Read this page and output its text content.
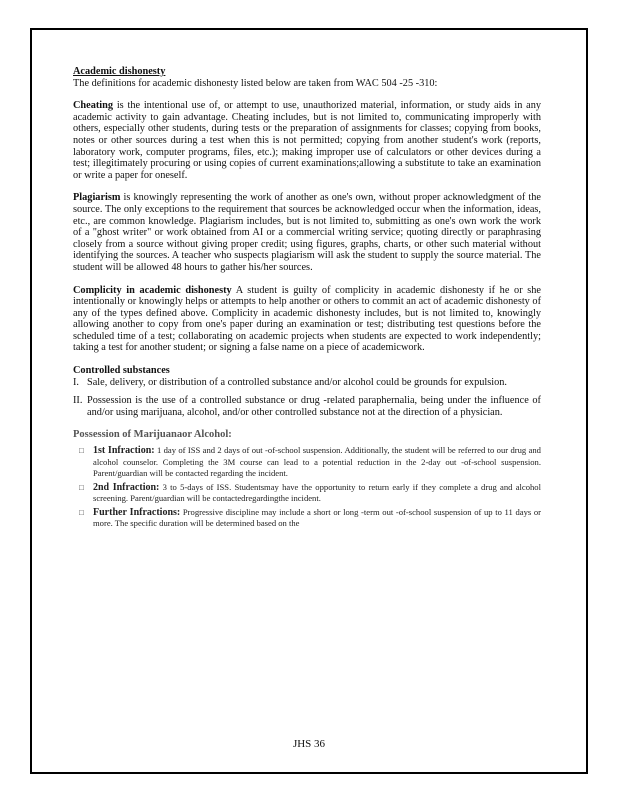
Academic dishonesty

The definitions for academic dishonesty listed below are taken from WAC 504 -25 -310:

Cheating is the intentional use of, or attempt to use, unauthorized material, information, or study aids in any academic activity to gain advantage. Cheating includes, but is not limited to, communicating improperly with others, especially other students, during tests or the preparation of assignments for classes; copying from books, notes or other sources during a test when this is not permitted; copying from another student's work (reports, laboratory work, computer programs, files, etc.); making improper use of calculators or other devices during a test; illegitimately procuring or using copies of current examinations;allowing a substitute to take an examination or write a paper for oneself.

Plagiarism is knowingly representing the work of another as one's own, without proper acknowledgment of the source. The only exceptions to the requirement that sources be acknowledged occur when the information, ideas, etc., are common knowledge. Plagiarism includes, but is not limited to, submitting as one's own work the work of a "ghost writer" or work obtained from AI or a commercial writing service; quoting directly or paraphrasing closely from a source without giving proper credit; using figures, graphs, charts, or other such material without identifying the sources. A teacher who suspects plagiarism will ask the student to supply the source material. The student will be allowed 48 hours to gather his/her sources.

Complicity in academic dishonesty A student is guilty of complicity in academic dishonesty if he or she intentionally or knowingly helps or attempts to help another or others to commit an act of academic dishonesty of any of the types defined above. Complicity in academic dishonesty includes, but is not limited to, knowingly allowing another to copy from one's paper during an examination or test; distributing test questions before the scheduled time of a test; collaborating on academic projects when students are expected to work independently; taking a test for another student; or signing a false name on a piece of academicwork.

Controlled substances

I. Sale, delivery, or distribution of a controlled substance and/or alcohol could be grounds for expulsion.
II. Possession is the use of a controlled substance or drug -related paraphernalia, being under the influence of and/or using marijuana, alcohol, and/or other controlled substance not at the direction of a physician.

Possession of Marijuanaor Alcohol:

□ 1st Infraction: 1 day of ISS and 2 days of out -of-school suspension. Additionally, the student will be referred to our drug and alcohol counselor. Completing the 3M course can lead to a potential reduction in the 2-day out -of-school suspension. Parent/guardian will be contacted regarding the incident.
□ 2nd Infraction: 3 to 5-days of ISS. Studentsmay have the opportunity to return early if they complete a drug and alcohol screening. Parent/guardian will be contactedregardingthe incident.
□ Further Infractions: Progressive discipline may include a short or long -term out -of-school suspension of up to 11 days or more. The specific duration will be determined based on the
JHS 36
